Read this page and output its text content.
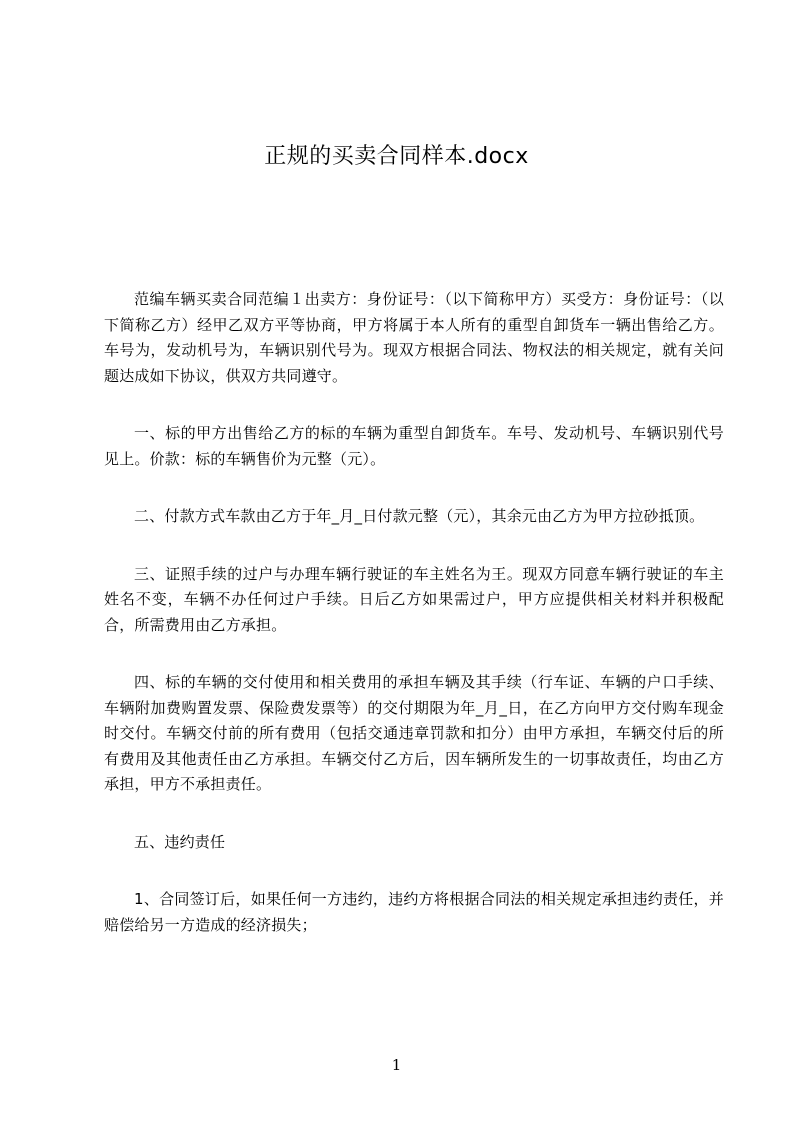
正规的买卖合同样本.docx

范编车辆买卖合同范编１出卖方：身份证号：（以下简称甲方）买受方：身份证号：（以下简称乙方）经甲乙双方平等协商，甲方将属于本人所有的重型自卸货车一辆出售给乙方。车号为，发动机号为，车辆识别代号为。现双方根据合同法、物权法的相关规定，就有关问题达成如下协议，供双方共同遵守。

一、标的甲方出售给乙方的标的车辆为重型自卸货车。车号、发动机号、车辆识别代号见上。价款：标的车辆售价为元整（元）。

二、付款方式车款由乙方于年_月_日付款元整（元），其余元由乙方为甲方拉砂抵顶。

三、证照手续的过户与办理车辆行驶证的车主姓名为王。现双方同意车辆行驶证的车主姓名不变，车辆不办任何过户手续。日后乙方如果需过户，甲方应提供相关材料并积极配合，所需费用由乙方承担。

四、标的车辆的交付使用和相关费用的承担车辆及其手续（行车证、车辆的户口手续、车辆附加费购置发票、保险费发票等）的交付期限为年_月_日，在乙方向甲方交付购车现金时交付。车辆交付前的所有费用（包括交通违章罚款和扣分）由甲方承担，车辆交付后的所有费用及其他责任由乙方承担。车辆交付乙方后，因车辆所发生的一切事故责任，均由乙方承担，甲方不承担责任。

五、违约责任

1、合同签订后，如果任何一方违约，违约方将根据合同法的相关规定承担违约责任，并赔偿给另一方造成的经济损失；

1
